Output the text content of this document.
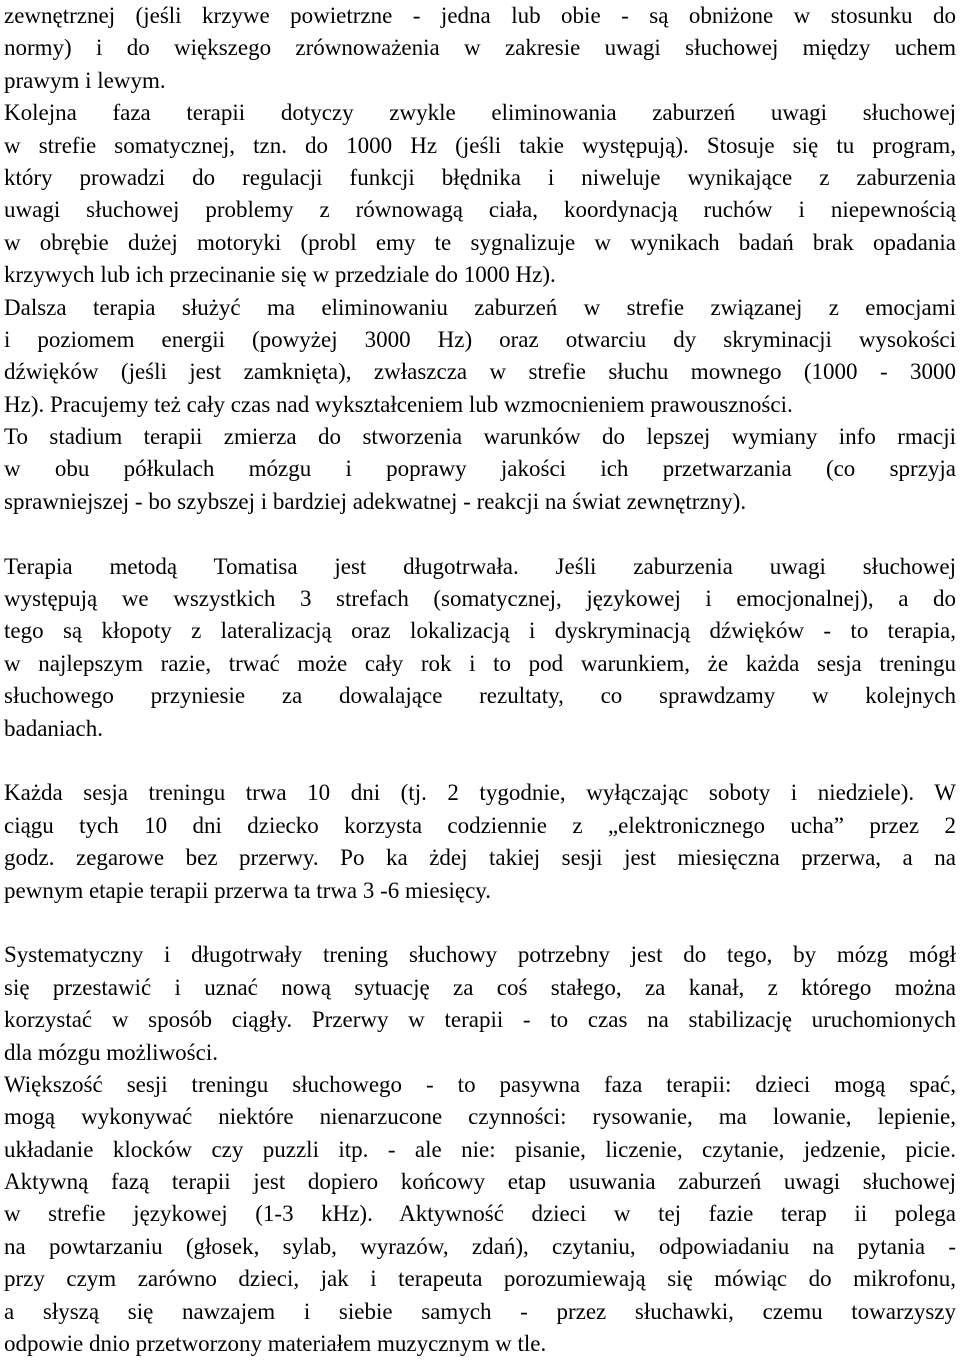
zewnętrznej (jeśli krzywe powietrzne - jedna lub obie - są obniżone w stosunku do
normy) i do większego zrównoważenia w zakresie uwagi słuchowej między uchem
prawym i lewym.
Kolejna faza terapii dotyczy zwykle eliminowania zaburzeń uwagi słuchowej
w strefie somatycznej, tzn. do 1000 Hz (jeśli takie występują). Stosuje się tu program,
który prowadzi do regulacji funkcji błędnika i niweluje wynikające z zaburzenia
uwagi słuchowej problemy z równowagą ciała, koordynacją ruchów i niepewnością
w obrębie dużej motoryki (probl emy te sygnalizuje w wynikach badań brak opadania
krzywych lub ich przecinanie się w przedziale do 1000 Hz).
Dalsza terapia służyć ma eliminowaniu zaburzeń w strefie związanej z emocjami
i poziomem energii (powyżej 3000 Hz) oraz otwarciu dy skryminacji wysokości
dźwięków (jeśli jest zamknięta), zwłaszcza w strefie słuchu mownego (1000 - 3000
Hz). Pracujemy też cały czas nad wykształceniem lub wzmocnieniem prawouszności.
To stadium terapii zmierza do stworzenia warunków do lepszej wymiany info rmacji
w obu półkulach mózgu i poprawy jakości ich przetwarzania (co sprzyja
sprawniejszej - bo szybszej i bardziej adekwatnej - reakcji na świat zewnętrzny).
Terapia metodą Tomatisa jest długotrwała. Jeśli zaburzenia uwagi słuchowej
występują we wszystkich 3 strefach (somatycznej, językowej i emocjonalnej), a do
tego są kłopoty z lateralizacją oraz lokalizacją i dyskryminacją dźwięków - to terapia,
w najlepszym razie, trwać może cały rok i to pod warunkiem, że każda sesja treningu
słuchowego przyniesie za dowalające rezultaty, co sprawdzamy w kolejnych
badaniach.
Każda sesja treningu trwa 10 dni (tj. 2 tygodnie, wyłączając soboty i niedziele). W
ciągu tych 10 dni dziecko korzysta codziennie z „elektronicznego ucha” przez 2
godz. zegarowe bez przerwy. Po ka żdej takiej sesji jest miesięczna przerwa, a na
pewnym etapie terapii przerwa ta trwa 3 -6 miesięcy.
Systematyczny i długotrwały trening słuchowy potrzebny jest do tego, by mózg mógł
się przestawić i uznać nową sytuację za coś stałego, za kanał, z którego można
korzystać w sposób ciągły. Przerwy w terapii - to czas na stabilizację uruchomionych
dla mózgu możliwości.
Większość sesji treningu słuchowego - to pasywna faza terapii: dzieci mogą spać,
mogą wykonywać niektóre nienarzucone czynności: rysowanie, ma lowanie, lepienie,
układanie klocków czy puzzli itp. - ale nie: pisanie, liczenie, czytanie, jedzenie, picie.
Aktywną fazą terapii jest dopiero końcowy etap usuwania zaburzeń uwagi słuchowej
w strefie językowej (1-3 kHz). Aktywność dzieci w tej fazie terap ii polega
na powtarzaniu (głosek, sylab, wyrazów, zdań), czytaniu, odpowiadaniu na pytania -
przy czym zarówno dzieci, jak i terapeuta porozumiewają się mówiąc do mikrofonu,
a słyszą się nawzajem i siebie samych - przez słuchawki, czemu towarzyszy
odpowie dnio przetworzony materiałem muzycznym w tle.
